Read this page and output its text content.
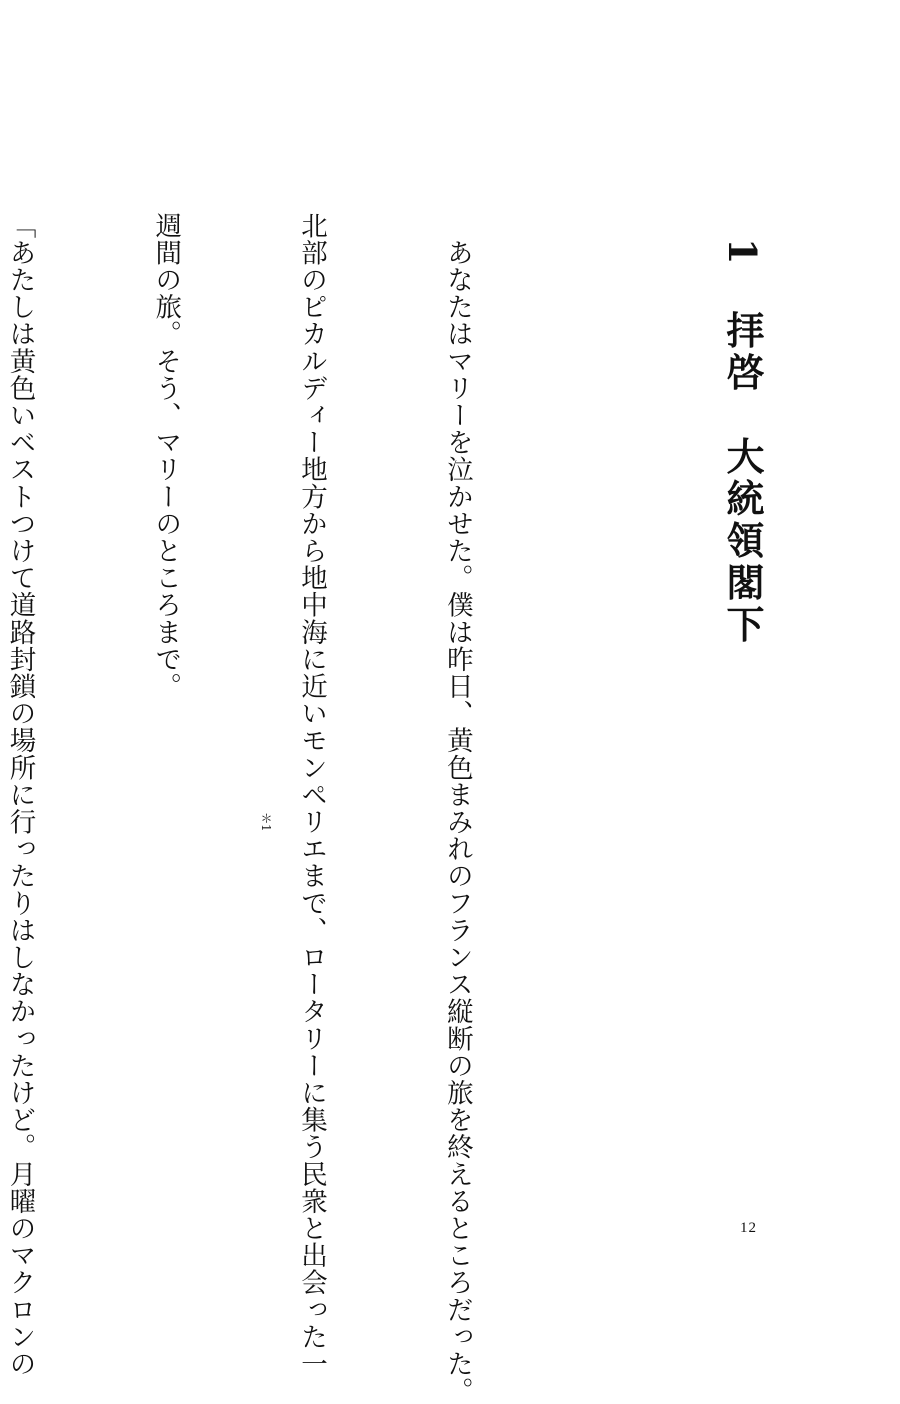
1　拝啓　大統領閣下

　あなたはマリーを泣かせた。僕は昨日、黄色まみれのフランス縦断の旅を終えるところだった。

北部のピカルディー地方から地中海に近いモンペリエまで、ロータリーに集う民衆と出会った一

週間の旅。そう、マリーのところまで。

「あたしは黄色いベストつけて道路封鎖の場所に行ったりはしなかったけど。月曜のマクロンの

	＊1
12
